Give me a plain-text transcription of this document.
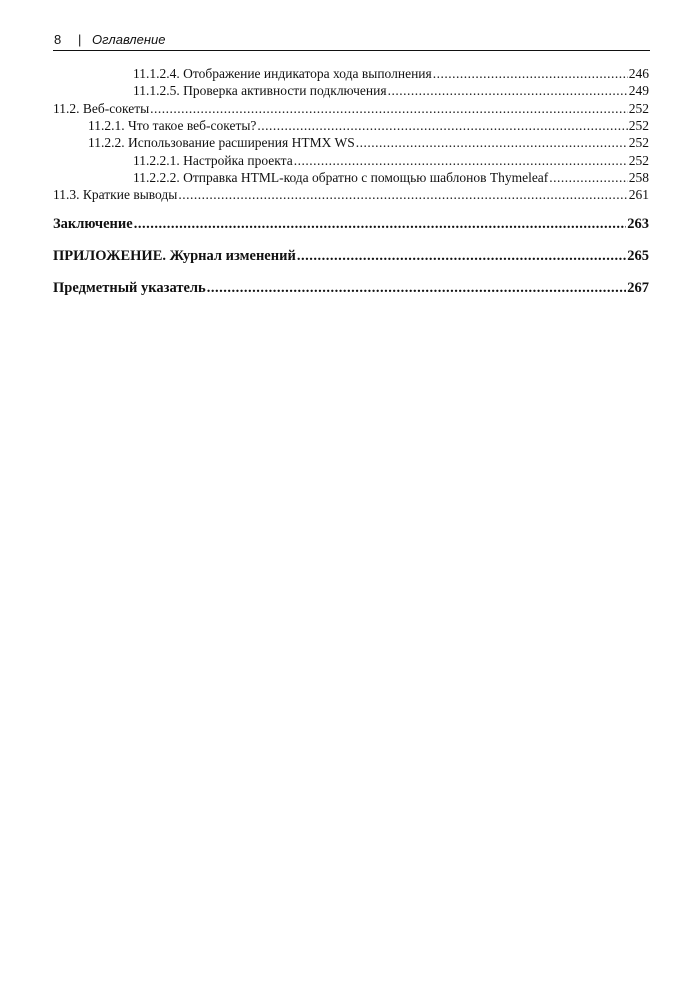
8 | Оглавление
11.1.2.4. Отображение индикатора хода выполнения .....	246
11.1.2.5. Проверка активности подключения .....	249
11.2. Веб-сокеты .....	252
11.2.1. Что такое веб-сокеты? .....	252
11.2.2. Использование расширения HTMX WS .....	252
11.2.2.1. Настройка проекта .....	252
11.2.2.2. Отправка HTML-кода обратно с помощью шаблонов Thymeleaf .....	258
11.3. Краткие выводы .....	261
Заключение .....	263
ПРИЛОЖЕНИЕ. Журнал изменений .....	265
Предметный указатель .....	267
